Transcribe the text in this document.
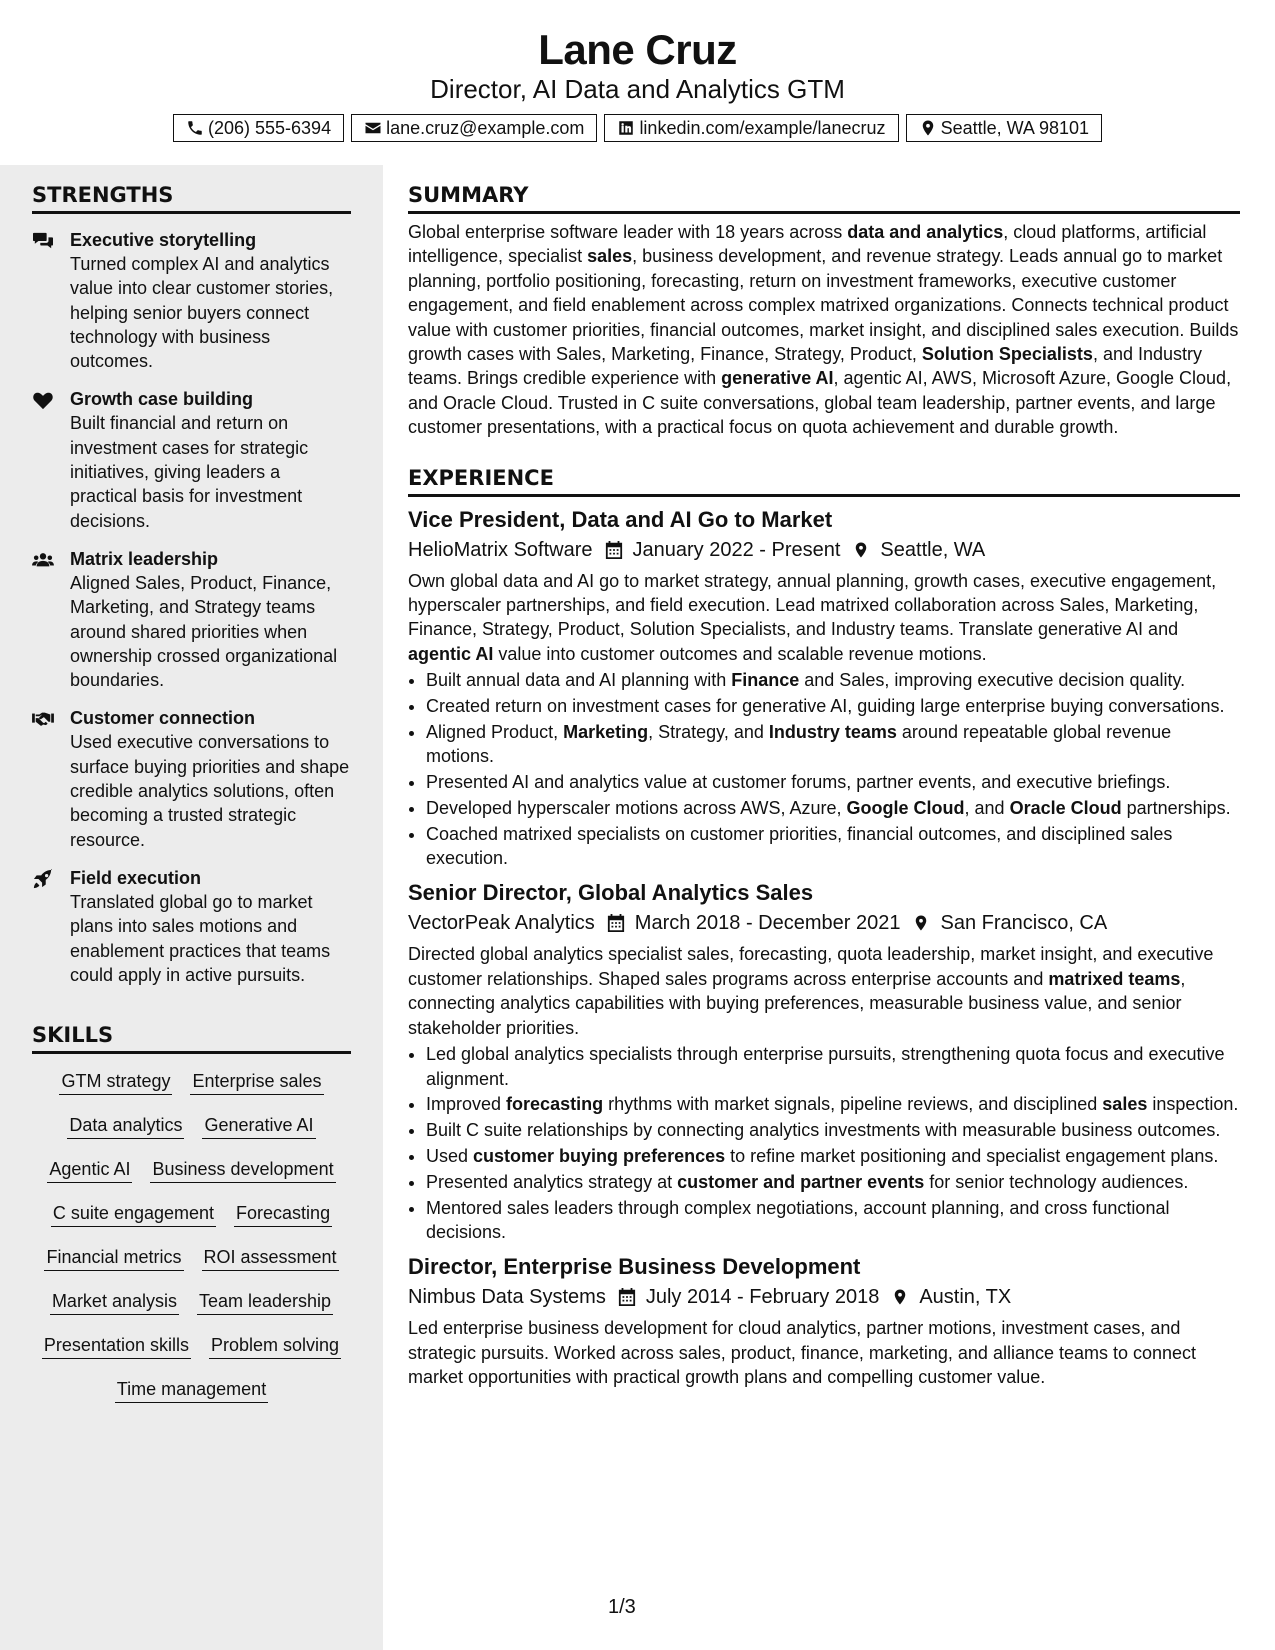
Lane Cruz
Director, AI Data and Analytics GTM
(206) 555-6394	lane.cruz@example.com	linkedin.com/example/lanecruz	Seattle, WA 98101
STRENGTHS
Executive storytelling
Turned complex AI and analytics value into clear customer stories, helping senior buyers connect technology with business outcomes.
Growth case building
Built financial and return on investment cases for strategic initiatives, giving leaders a practical basis for investment decisions.
Matrix leadership
Aligned Sales, Product, Finance, Marketing, and Strategy teams around shared priorities when ownership crossed organizational boundaries.
Customer connection
Used executive conversations to surface buying priorities and shape credible analytics solutions, often becoming a trusted strategic resource.
Field execution
Translated global go to market plans into sales motions and enablement practices that teams could apply in active pursuits.
SKILLS
GTM strategy Enterprise sales
Data analytics Generative AI
Agentic AI Business development
C suite engagement Forecasting
Financial metrics ROI assessment
Market analysis Team leadership
Presentation skills Problem solving
Time management
SUMMARY
Global enterprise software leader with 18 years across data and analytics, cloud platforms, artificial intelligence, specialist sales, business development, and revenue strategy. Leads annual go to market planning, portfolio positioning, forecasting, return on investment frameworks, executive customer engagement, and field enablement across complex matrixed organizations. Connects technical product value with customer priorities, financial outcomes, market insight, and disciplined sales execution. Builds growth cases with Sales, Marketing, Finance, Strategy, Product, Solution Specialists, and Industry teams. Brings credible experience with generative AI, agentic AI, AWS, Microsoft Azure, Google Cloud, and Oracle Cloud. Trusted in C suite conversations, global team leadership, partner events, and large customer presentations, with a practical focus on quota achievement and durable growth.
EXPERIENCE
Vice President, Data and AI Go to Market
HelioMatrix Software January 2022 - Present Seattle, WA
Own global data and AI go to market strategy, annual planning, growth cases, executive engagement, hyperscaler partnerships, and field execution. Lead matrixed collaboration across Sales, Marketing, Finance, Strategy, Product, Solution Specialists, and Industry teams. Translate generative AI and agentic AI value into customer outcomes and scalable revenue motions.
• Built annual data and AI planning with Finance and Sales, improving executive decision quality.
• Created return on investment cases for generative AI, guiding large enterprise buying conversations.
• Aligned Product, Marketing, Strategy, and Industry teams around repeatable global revenue motions.
• Presented AI and analytics value at customer forums, partner events, and executive briefings.
• Developed hyperscaler motions across AWS, Azure, Google Cloud, and Oracle Cloud partnerships.
• Coached matrixed specialists on customer priorities, financial outcomes, and disciplined sales execution.
Senior Director, Global Analytics Sales
VectorPeak Analytics March 2018 - December 2021 San Francisco, CA
Directed global analytics specialist sales, forecasting, quota leadership, market insight, and executive customer relationships. Shaped sales programs across enterprise accounts and matrixed teams, connecting analytics capabilities with buying preferences, measurable business value, and senior stakeholder priorities.
• Led global analytics specialists through enterprise pursuits, strengthening quota focus and executive alignment.
• Improved forecasting rhythms with market signals, pipeline reviews, and disciplined sales inspection.
• Built C suite relationships by connecting analytics investments with measurable business outcomes.
• Used customer buying preferences to refine market positioning and specialist engagement plans.
• Presented analytics strategy at customer and partner events for senior technology audiences.
• Mentored sales leaders through complex negotiations, account planning, and cross functional decisions.
Director, Enterprise Business Development
Nimbus Data Systems July 2014 - February 2018 Austin, TX
Led enterprise business development for cloud analytics, partner motions, investment cases, and strategic pursuits. Worked across sales, product, finance, marketing, and alliance teams to connect market opportunities with practical growth plans and compelling customer value.
1/3
